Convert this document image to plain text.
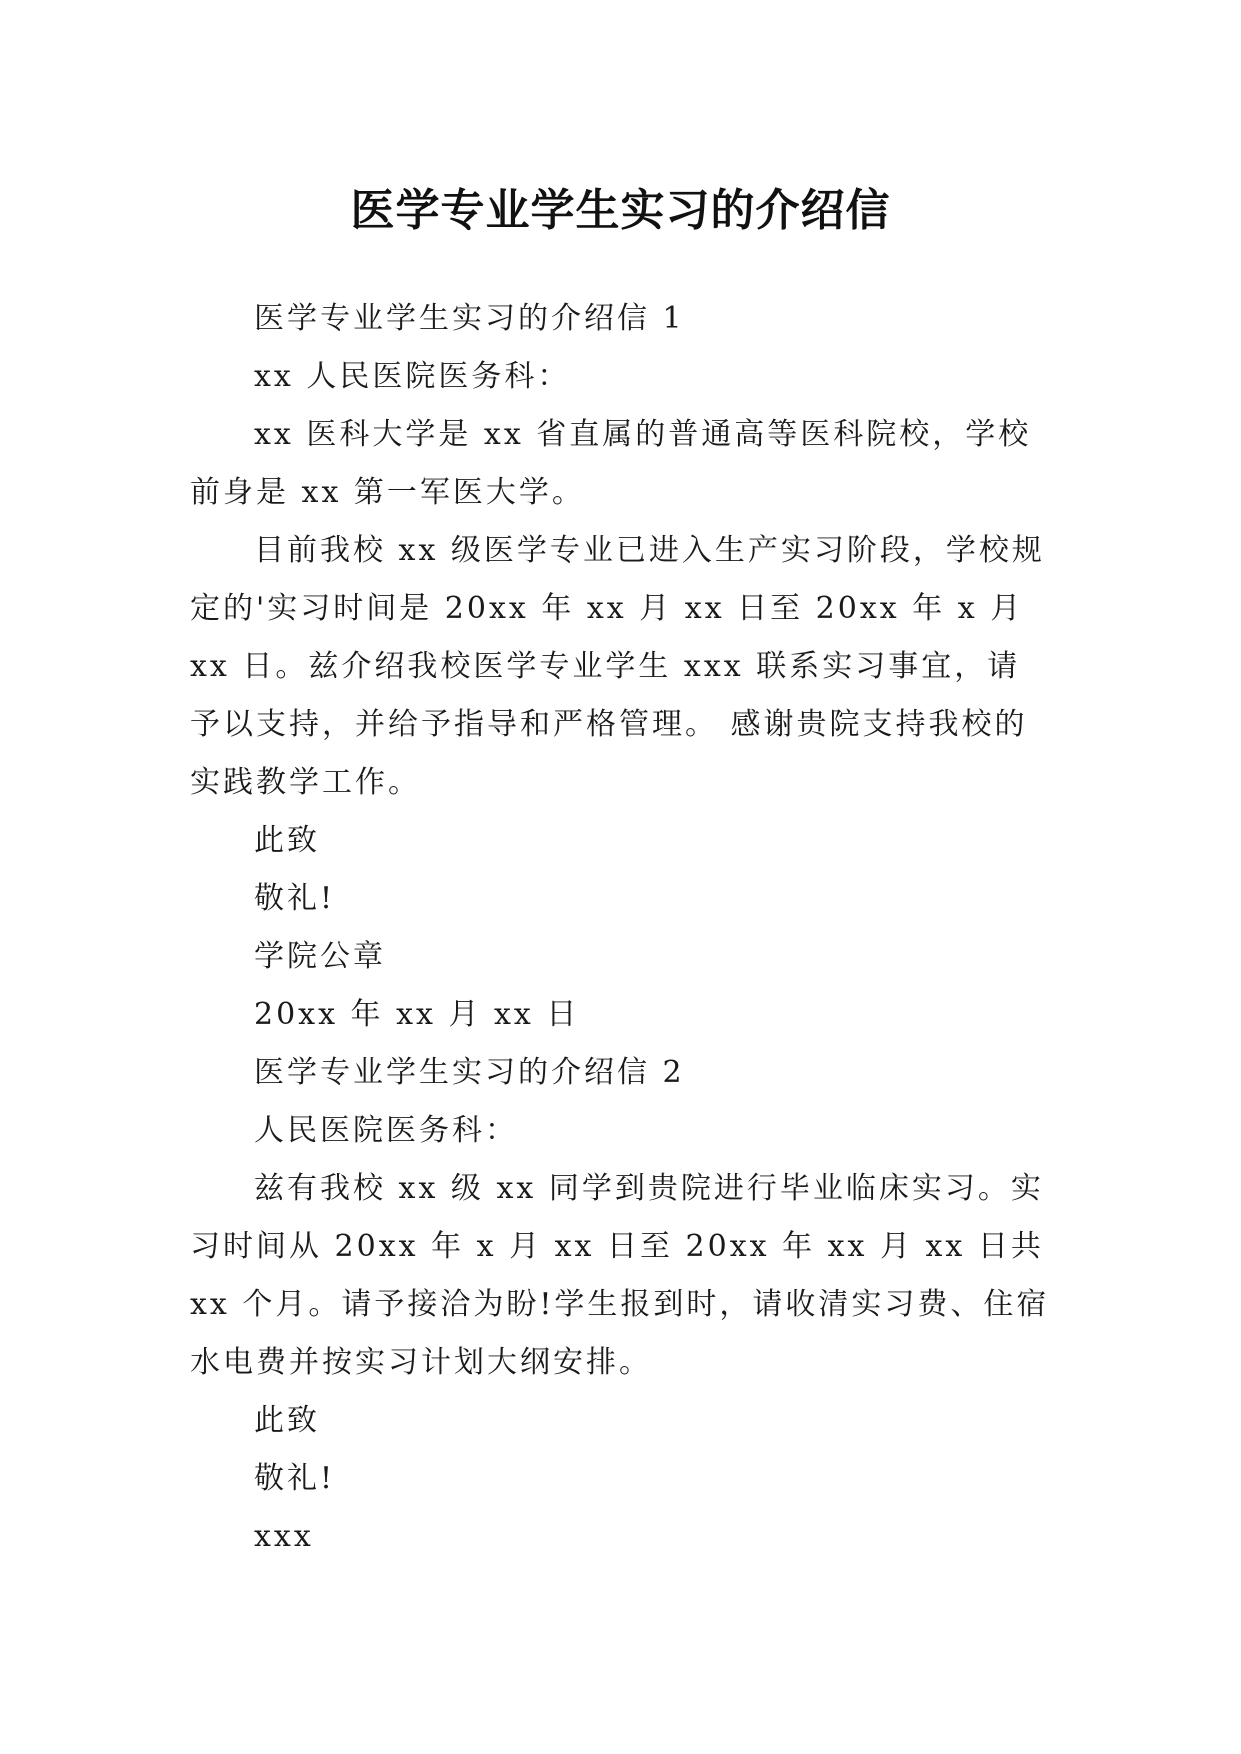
医学专业学生实习的介绍信

医学专业学生实习的介绍信 1

xx 人民医院医务科：

xx 医科大学是 xx 省直属的普通高等医科院校，学校前身是 xx 第一军医大学。

目前我校 xx 级医学专业已进入生产实习阶段，学校规定的'实习时间是 20xx 年 xx 月 xx 日至 20xx 年 x 月 xx 日。兹介绍我校医学专业学生 xxx 联系实习事宜，请予以支持，并给予指导和严格管理。 感谢贵院支持我校的实践教学工作。

此致

敬礼!

学院公章

20xx 年 xx 月 xx 日

医学专业学生实习的介绍信 2

人民医院医务科：

兹有我校 xx 级 xx 同学到贵院进行毕业临床实习。实习时间从 20xx 年 x 月 xx 日至 20xx 年 xx 月 xx 日共 xx 个月。请予接洽为盼!学生报到时，请收清实习费、住宿水电费并按实习计划大纲安排。

此致

敬礼!

xxx
